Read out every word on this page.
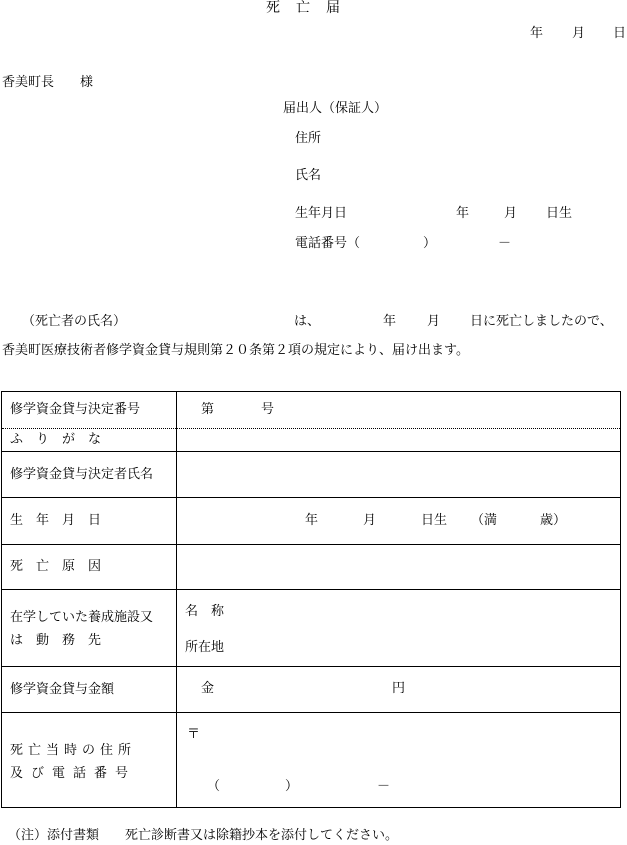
死　亡　届
年 月 日
香美町長　　様
届出人（保証人）
住所
氏名
生年月日	年	月 日生
電話番号（	）	－
（死亡者の氏名）	は、	年 月 日に死亡しましたので、
香美町医療技術者修学資金貸与規則第２０条第２項の規定により、届け出ます。
修学資金貸与決定番号	第 号

ふ　り　が　な	
修学資金貸与決定者氏名	
生　年　月　日	年 月 日生 （満 歳）

死　亡　原　因	

在学していた養成施設又
は　動　務　先	名　称
所在地

修学資金貸与金額	金 円

死亡当時の住所
及び電話番号	〒
（ ） －
（注）添付書類　　死亡診断書又は除籍抄本を添付してください。
